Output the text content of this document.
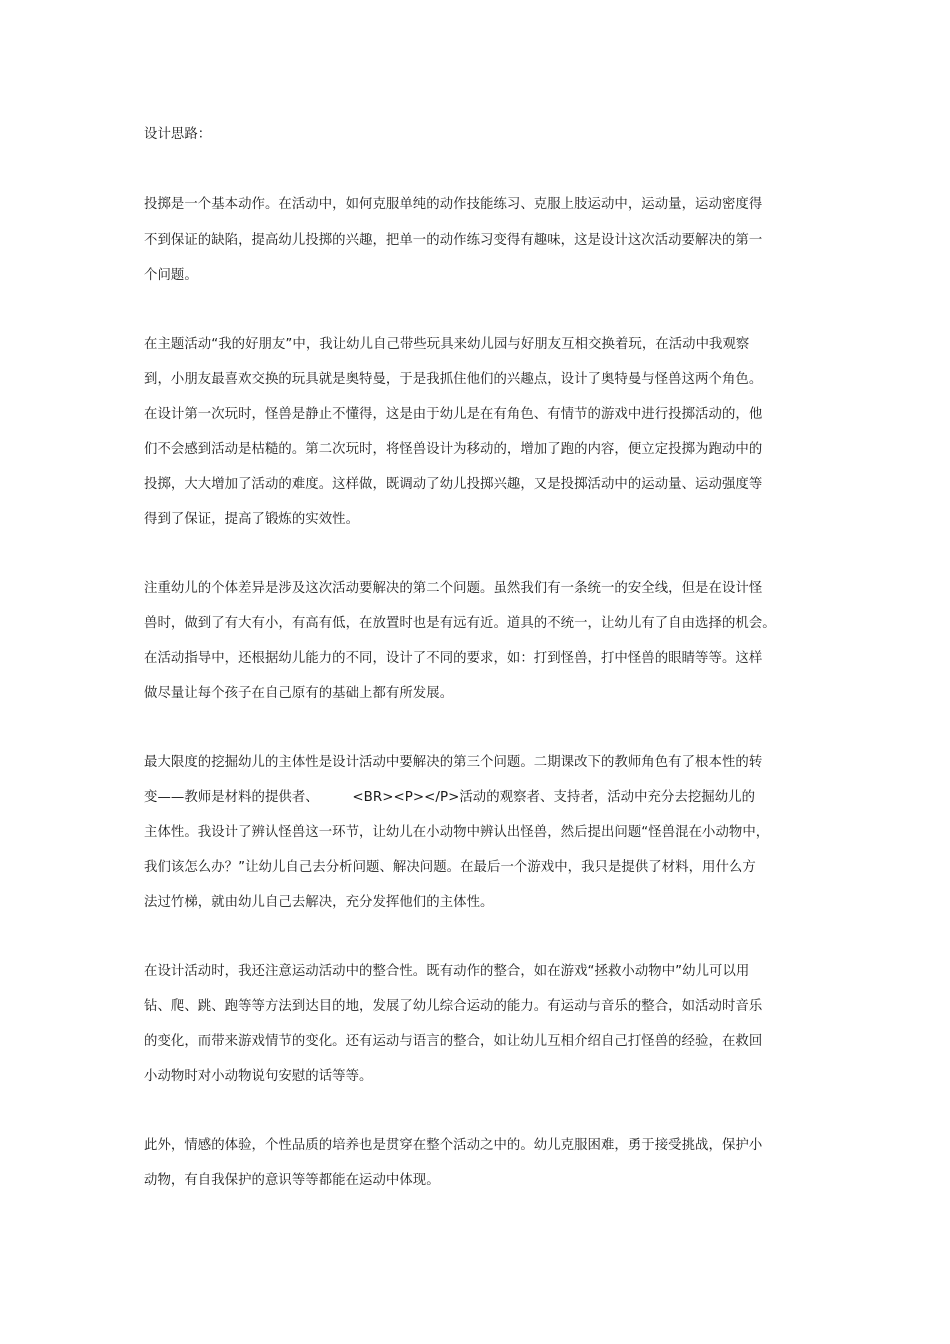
设计思路：
投掷是一个基本动作。在活动中，如何克服单纯的动作技能练习、克服上肢运动中，运动量，运动密度得
不到保证的缺陷，提高幼儿投掷的兴趣，把单一的动作练习变得有趣味，这是设计这次活动要解决的第一
个问题。
在主题活动“我的好朋友”中，我让幼儿自己带些玩具来幼儿园与好朋友互相交换着玩，在活动中我观察
到，小朋友最喜欢交换的玩具就是奥特曼，于是我抓住他们的兴趣点，设计了奥特曼与怪兽这两个角色。
在设计第一次玩时，怪兽是静止不懂得，这是由于幼儿是在有角色、有情节的游戏中进行投掷活动的，他
们不会感到活动是枯糙的。第二次玩时，将怪兽设计为移动的，增加了跑的内容，便立定投掷为跑动中的
投掷，大大增加了活动的难度。这样做，既调动了幼儿投掷兴趣，又是投掷活动中的运动量、运动强度等
得到了保证，提高了锻炼的实效性。
注重幼儿的个体差异是涉及这次活动要解决的第二个问题。虽然我们有一条统一的安全线，但是在设计怪
兽时，做到了有大有小，有高有低，在放置时也是有远有近。道具的不统一，让幼儿有了自由选择的机会。
在活动指导中，还根据幼儿能力的不同，设计了不同的要求，如：打到怪兽，打中怪兽的眼睛等等。这样
做尽量让每个孩子在自己原有的基础上都有所发展。
最大限度的挖掘幼儿的主体性是设计活动中要解决的第三个问题。二期课改下的教师角色有了根本性的转
变——教师是材料的提供者、　　　<BR><P></P>活动的观察者、支持者，活动中充分去挖掘幼儿的
主体性。我设计了辨认怪兽这一环节，让幼儿在小动物中辨认出怪兽，然后提出问题“怪兽混在小动物中，
我们该怎么办？”让幼儿自己去分析问题、解决问题。在最后一个游戏中，我只是提供了材料，用什么方
法过竹梯，就由幼儿自己去解决，充分发挥他们的主体性。
在设计活动时，我还注意运动活动中的整合性。既有动作的整合，如在游戏“拯救小动物中”幼儿可以用
钻、爬、跳、跑等等方法到达目的地，发展了幼儿综合运动的能力。有运动与音乐的整合，如活动时音乐
的变化，而带来游戏情节的变化。还有运动与语言的整合，如让幼儿互相介绍自己打怪兽的经验，在救回
小动物时对小动物说句安慰的话等等。
此外，情感的体验，个性品质的培养也是贯穿在整个活动之中的。幼儿克服困难，勇于接受挑战，保护小
动物，有自我保护的意识等等都能在运动中体现。
